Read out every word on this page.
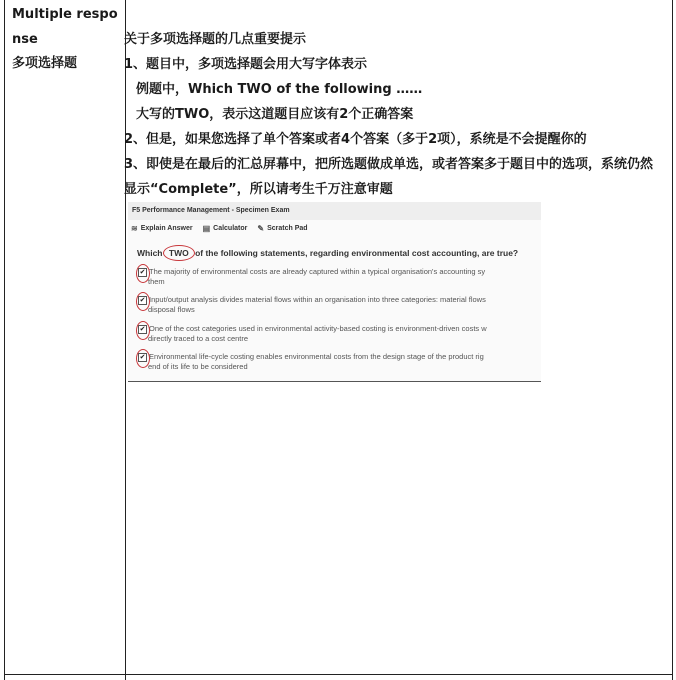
Multiple respo
nse
多项选择题

关于多项选择题的几点重要提示

1、题目中，多项选择题会用大写字体表示

例题中，Which TWO of the following ……

大写的TWO，表示这道题目应该有2个正确答案

2、但是，如果您选择了单个答案或者4个答案（多于2项），系统是不会提醒你的

3、即使是在最后的汇总屏幕中，把所选题做成单选，或者答案多于题目中的选项，系统仍然

显示“Complete”，所以请考生千万注意审题

F5 Performance Management - Specimen Exam
≋ Explain Answer ▤ Calculator ✎ Scratch Pad
Which TWO of the following statements, regarding environmental cost accounting, are true?
✔ The majority of environmental costs are already captured within a typical organisation's accounting sy
them
✔ Input/output analysis divides material flows within an organisation into three categories: material flows
disposal flows
✔ One of the cost categories used in environmental activity-based costing is environment-driven costs w
directly traced to a cost centre
✔ Environmental life-cycle costing enables environmental costs from the design stage of the product rig
end of its life to be considered
